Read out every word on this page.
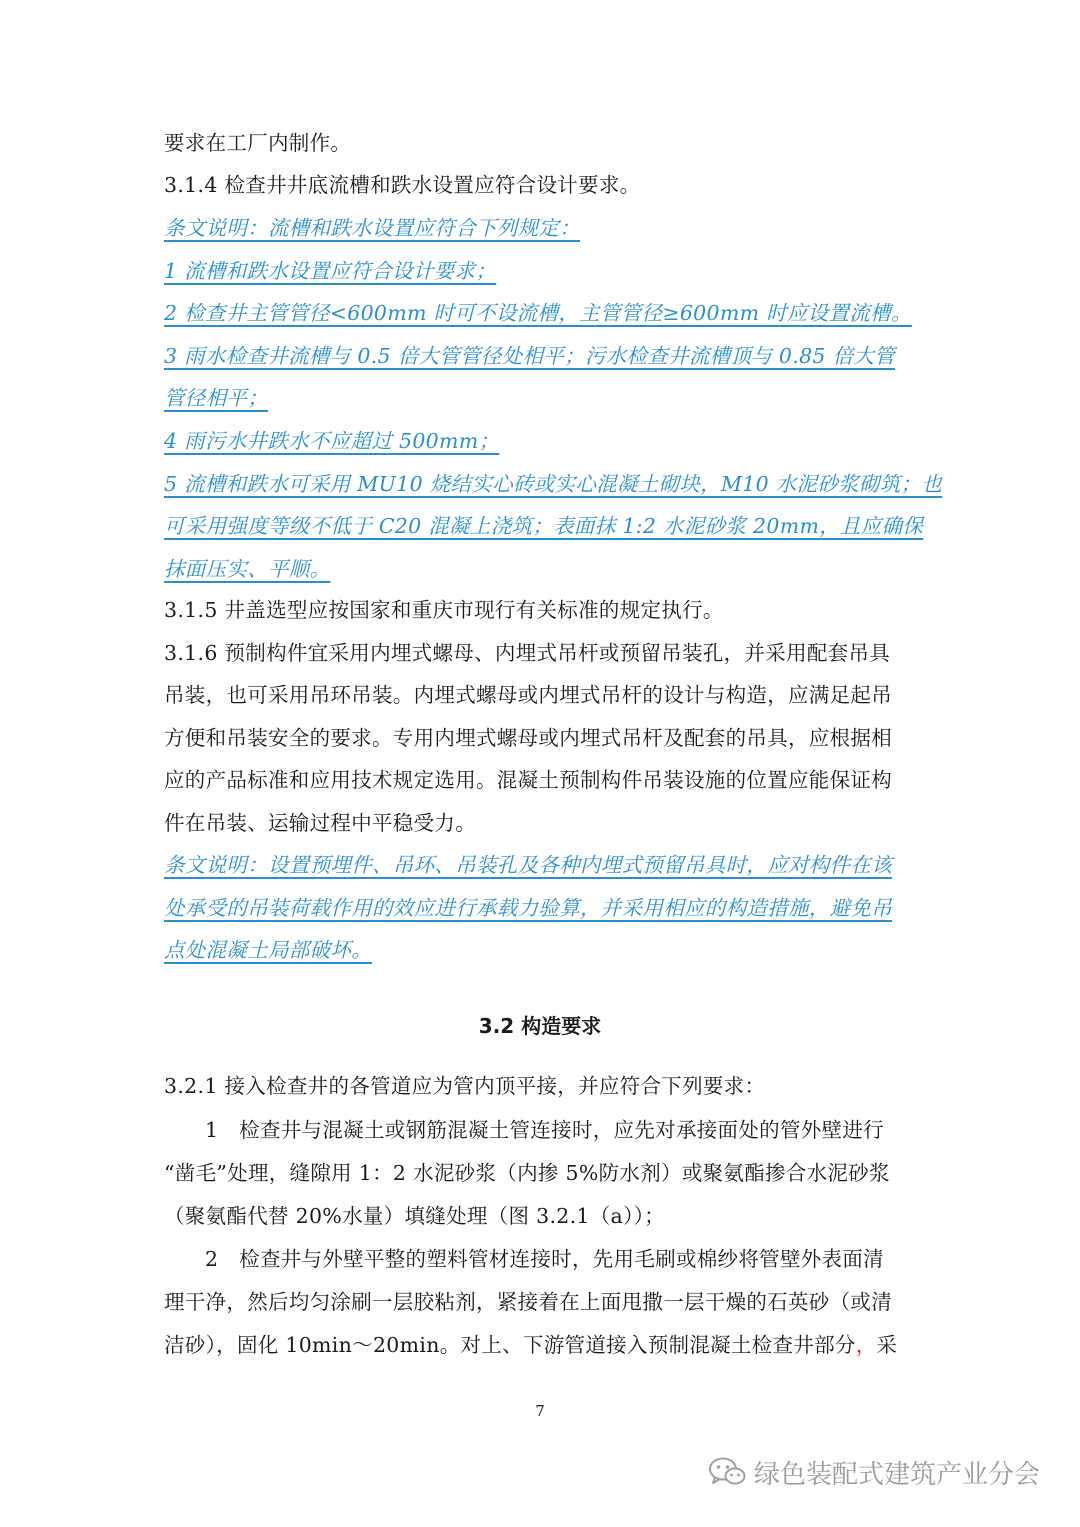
要求在工厂内制作。
3.1.4 检查井井底流槽和跌水设置应符合设计要求。
条文说明：流槽和跌水设置应符合下列规定：
1 流槽和跌水设置应符合设计要求；
2 检查井主管管径<600mm 时可不设流槽，主管管径≥600mm 时应设置流槽。
3 雨水检查井流槽与 0.5 倍大管管径处相平；污水检查井流槽顶与 0.85 倍大管
管径相平；
4 雨污水井跌水不应超过 500mm；
5 流槽和跌水可采用 MU10 烧结实心砖或实心混凝土砌块，M10 水泥砂浆砌筑；也
可采用强度等级不低于 C20 混凝上浇筑；表面抹 1:2 水泥砂浆 20mm，且应确保
抹面压实、平顺。
3.1.5 井盖选型应按国家和重庆市现行有关标准的规定执行。
3.1.6 预制构件宜采用内埋式螺母、内埋式吊杆或预留吊装孔，并采用配套吊具
吊装，也可采用吊环吊装。内埋式螺母或内埋式吊杆的设计与构造，应满足起吊
方便和吊装安全的要求。专用内埋式螺母或内埋式吊杆及配套的吊具，应根据相
应的产品标准和应用技术规定选用。混凝土预制构件吊装设施的位置应能保证构
件在吊装、运输过程中平稳受力。
条文说明：设置预埋件、吊环、吊装孔及各种内埋式预留吊具时，应对构件在该
处承受的吊装荷载作用的效应进行承载力验算，并采用相应的构造措施，避免吊
点处混凝土局部破坏。
3.2 构造要求
3.2.1 接入检查井的各管道应为管内顶平接，并应符合下列要求：
1　检查井与混凝土或钢筋混凝土管连接时，应先对承接面处的管外壁进行
“凿毛”处理，缝隙用 1：2 水泥砂浆（内掺 5%防水剂）或聚氨酯掺合水泥砂浆
（聚氨酯代替 20%水量）填缝处理（图 3.2.1（a））；
2　检查井与外壁平整的塑料管材连接时，先用毛刷或棉纱将管壁外表面清
理干净，然后均匀涂刷一层胶粘剂，紧接着在上面甩撒一层干燥的石英砂（或清
洁砂），固化 10min～20min。对上、下游管道接入预制混凝土检查井部分，采
7
绿色装配式建筑产业分会
